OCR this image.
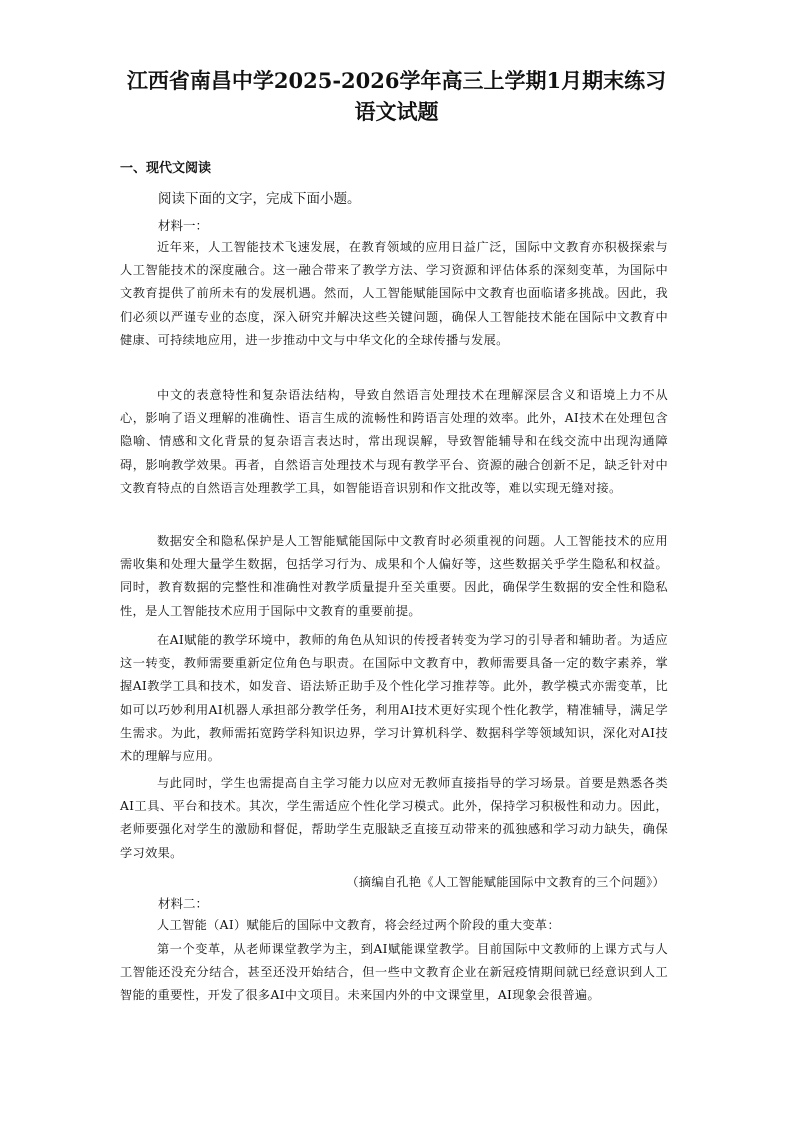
江西省南昌中学2025-2026学年高三上学期1月期末练习
语文试题
一、现代文阅读
阅读下面的文字，完成下面小题。
材料一：

近年来，人工智能技术飞速发展，在教育领域的应用日益广泛，国际中文教育亦积极探索与人工智能技术的深度融合。这一融合带来了教学方法、学习资源和评估体系的深刻变革，为国际中文教育提供了前所未有的发展机遇。然而，人工智能赋能国际中文教育也面临诸多挑战。因此，我们必须以严谨专业的态度，深入研究并解决这些关键问题，确保人工智能技术能在国际中文教育中健康、可持续地应用，进一步推动中文与中华文化的全球传播与发展。

中文的表意特性和复杂语法结构，导致自然语言处理技术在理解深层含义和语境上力不从心，影响了语义理解的准确性、语言生成的流畅性和跨语言处理的效率。此外，AI技术在处理包含隐喻、情感和文化背景的复杂语言表达时，常出现误解，导致智能辅导和在线交流中出现沟通障碍，影响教学效果。再者，自然语言处理技术与现有教学平台、资源的融合创新不足，缺乏针对中文教育特点的自然语言处理教学工具，如智能语音识别和作文批改等，难以实现无缝对接。

数据安全和隐私保护是人工智能赋能国际中文教育时必须重视的问题。人工智能技术的应用需收集和处理大量学生数据，包括学习行为、成果和个人偏好等，这些数据关乎学生隐私和权益。同时，教育数据的完整性和准确性对教学质量提升至关重要。因此，确保学生数据的安全性和隐私性，是人工智能技术应用于国际中文教育的重要前提。

在AI赋能的教学环境中，教师的角色从知识的传授者转变为学习的引导者和辅助者。为适应这一转变，教师需要重新定位角色与职责。在国际中文教育中，教师需要具备一定的数字素养，掌握AI教学工具和技术，如发音、语法矫正助手及个性化学习推荐等。此外，教学模式亦需变革，比如可以巧妙利用AI机器人承担部分教学任务，利用AI技术更好实现个性化教学，精准辅导，满足学生需求。为此，教师需拓宽跨学科知识边界，学习计算机科学、数据科学等领域知识，深化对AI技术的理解与应用。

与此同时，学生也需提高自主学习能力以应对无教师直接指导的学习场景。首要是熟悉各类AI工具、平台和技术。其次，学生需适应个性化学习模式。此外，保持学习积极性和动力。因此，老师要强化对学生的激励和督促，帮助学生克服缺乏直接互动带来的孤独感和学习动力缺失，确保学习效果。

（摘编自孔艳《人工智能赋能国际中文教育的三个问题》）
材料二：

人工智能（AI）赋能后的国际中文教育，将会经过两个阶段的重大变革：

第一个变革，从老师课堂教学为主，到AI赋能课堂教学。目前国际中文教师的上课方式与人工智能还没充分结合，甚至还没开始结合，但一些中文教育企业在新冠疫情期间就已经意识到人工智能的重要性，开发了很多AI中文项目。未来国内外的中文课堂里，AI现象会很普遍。
